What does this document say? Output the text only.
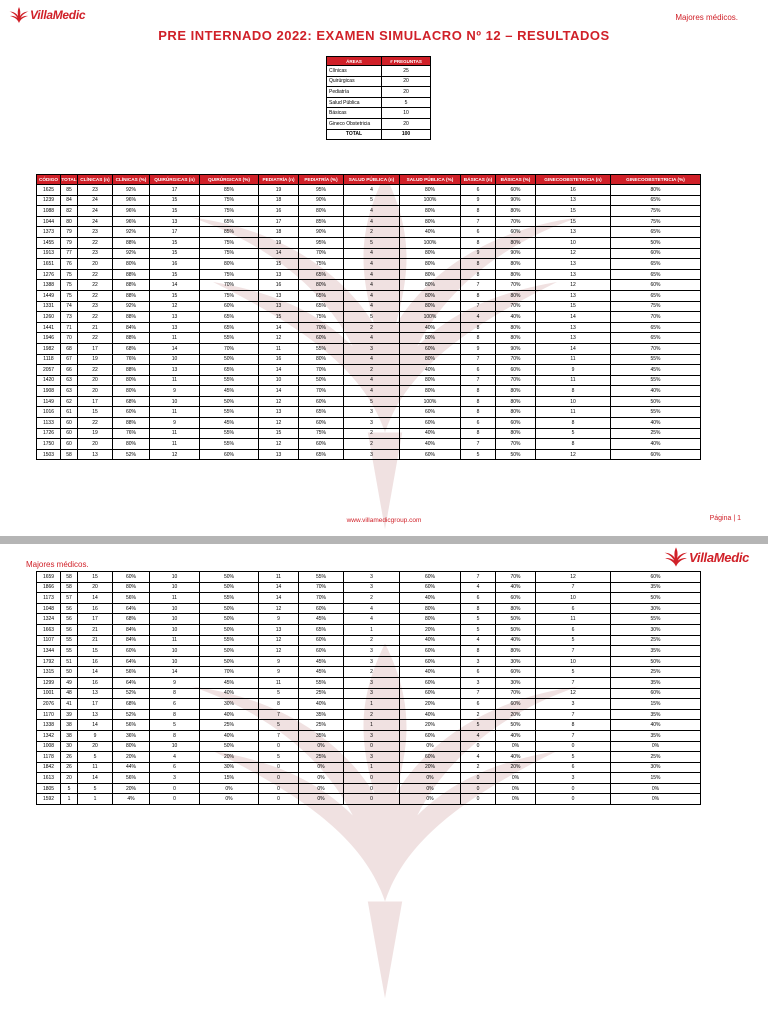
VillaMedic	Majores médicos.
PRE INTERNADO 2022: EXAMEN SIMULACRO Nº 12 – RESULTADOS
ÁREAS	# PREGUNTAS
Clínicas	25
Quirúrgicas	20
Pediatría	20
Salud Pública	5
Básicas	10
Gineco Obstetricia	20
TOTAL	100
CÓDIGO	TOTAL	CLÍNICAS (n)	CLÍNICAS (%)	QUIRÚRGICAS (n)	QUIRÚRGICAS (%)	PEDIATRÍA (n)	PEDIATRÍA (%)	SALUD PÚBLICA (n)	SALUD PÚBLICA (%)	BÁSICAS (n)	BÁSICAS (%)	GINECOOBSTETRICIA (n)	GINECOOBSTETRICIA (%)
1625	85	23	92%	17	85%	19	95%	4	80%	6	60%	16	80%
1239	84	24	96%	15	75%	18	90%	5	100%	9	90%	13	65%
1088	82	24	96%	15	75%	16	80%	4	80%	8	80%	15	75%
1044	80	24	96%	13	65%	17	85%	4	80%	7	70%	15	75%
1373	79	23	92%	17	85%	18	90%	2	40%	6	60%	13	65%
1455	79	22	88%	15	75%	19	95%	5	100%	8	80%	10	50%
1913	77	23	92%	15	75%	14	70%	4	80%	9	90%	12	60%
1651	76	20	80%	16	80%	15	75%	4	80%	8	80%	13	65%
1276	75	22	88%	15	75%	13	65%	4	80%	8	80%	13	65%
1388	75	22	88%	14	70%	16	80%	4	80%	7	70%	12	60%
1449	75	22	88%	15	75%	13	65%	4	80%	8	80%	13	65%
1331	74	23	92%	12	60%	13	65%	4	80%	7	70%	15	75%
1260	73	22	88%	13	65%	15	75%	5	100%	4	40%	14	70%
1441	71	21	84%	13	65%	14	70%	2	40%	8	80%	13	65%
1946	70	22	88%	11	55%	12	60%	4	80%	8	80%	13	65%
1982	68	17	68%	14	70%	11	55%	3	60%	9	90%	14	70%
1118	67	19	76%	10	50%	16	80%	4	80%	7	70%	11	55%
2057	66	22	88%	13	65%	14	70%	2	40%	6	60%	9	45%
1420	63	20	80%	11	55%	10	50%	4	80%	7	70%	11	55%
1908	63	20	80%	9	45%	14	70%	4	80%	8	80%	8	40%
1149	62	17	68%	10	50%	12	60%	5	100%	8	80%	10	50%
1016	61	15	60%	11	55%	13	65%	3	60%	8	80%	11	55%
1133	60	22	88%	9	45%	12	60%	3	60%	6	60%	8	40%
1726	60	19	76%	11	55%	15	75%	2	40%	8	80%	5	25%
1750	60	20	80%	11	55%	12	60%	2	40%	7	70%	8	40%
1503	58	13	52%	12	60%	13	65%	3	60%	5	50%	12	60%
www.villamedicgroup.com	Página | 1
Majores médicos.	VillaMedic
1659	58	15	60%	10	50%	11	55%	3	60%	7	70%	12	60%
1866	58	20	80%	10	50%	14	70%	3	60%	4	40%	7	35%
1173	57	14	56%	11	55%	14	70%	2	40%	6	60%	10	50%
1048	56	16	64%	10	50%	12	60%	4	80%	8	80%	6	30%
1324	56	17	68%	10	50%	9	45%	4	80%	5	50%	11	55%
1663	56	21	84%	10	50%	13	65%	1	20%	5	50%	6	30%
1107	55	21	84%	11	55%	12	60%	2	40%	4	40%	5	25%
1344	55	15	60%	10	50%	12	60%	3	60%	8	80%	7	35%
1792	51	16	64%	10	50%	9	45%	3	60%	3	30%	10	50%
1315	50	14	56%	14	70%	9	45%	2	40%	6	60%	5	25%
1299	49	16	64%	9	45%	11	55%	3	60%	3	30%	7	35%
1001	48	13	52%	8	40%	5	25%	3	60%	7	70%	12	60%
2076	41	17	68%	6	30%	8	40%	1	20%	6	60%	3	15%
1170	39	13	52%	8	40%	7	35%	2	40%	2	20%	7	35%
1338	38	14	56%	5	25%	5	25%	1	20%	5	50%	8	40%
1342	38	9	36%	8	40%	7	35%	3	60%	4	40%	7	35%
1008	30	20	80%	10	50%	0	0%	0	0%	0	0%	0	0%
1178	26	5	20%	4	20%	5	25%	3	60%	4	40%	5	25%
1842	26	11	44%	6	30%	0	0%	1	20%	2	20%	6	30%
1613	20	14	56%	3	15%	0	0%	0	0%	0	0%	3	15%
1805	5	5	20%	0	0%	0	0%	0	0%	0	0%	0	0%
1592	1	1	4%	0	0%	0	0%	0	0%	0	0%	0	0%
